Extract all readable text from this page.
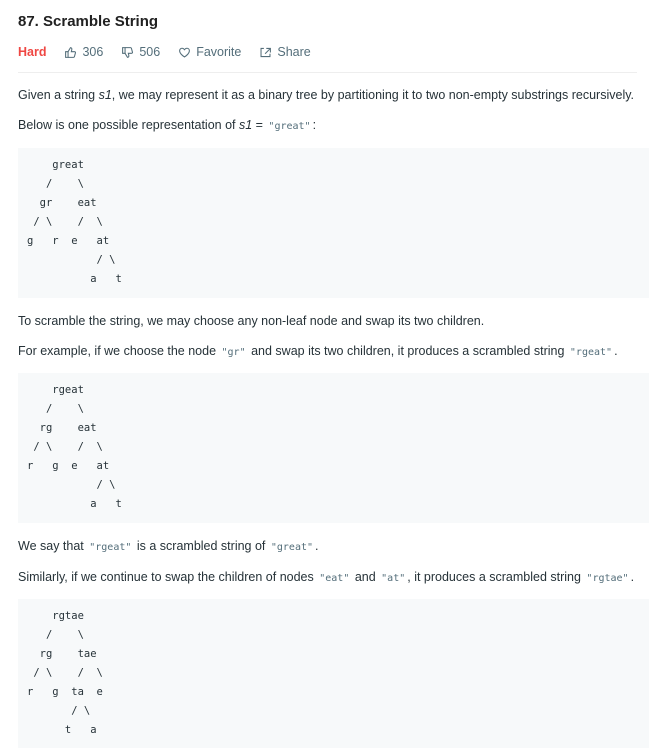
87. Scramble String
Hard	306	506	Favorite	Share
Given a string s1, we may represent it as a binary tree by partitioning it to two non-empty substrings recursively.
Below is one possible representation of s1 = "great" :
great
/    \
gr    eat
/ \    /  \
g   r  e   at
/ \
a   t
To scramble the string, we may choose any non-leaf node and swap its two children.
For example, if we choose the node "gr" and swap its two children, it produces a scrambled string "rgeat" .
rgeat
/    \
rg    eat
/ \    /  \
r   g  e   at
/ \
a   t
We say that "rgeat" is a scrambled string of "great" .
Similarly, if we continue to swap the children of nodes "eat" and "at" , it produces a scrambled string "rgtae" .
rgtae
/    \
rg    tae
/ \    /  \
r   g  ta  e
/ \
t   a
